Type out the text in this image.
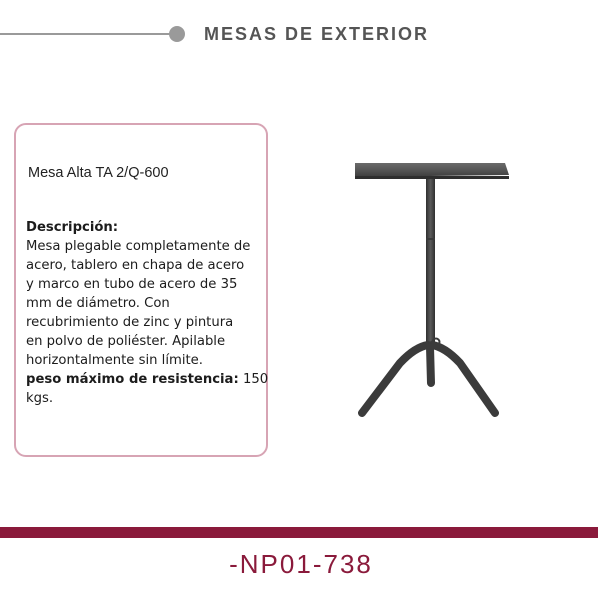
MESAS DE EXTERIOR
Mesa Alta TA 2/Q-600
Descripción:
Mesa plegable completamente de
acero, tablero en chapa de acero
y marco en tubo de acero de 35
mm de diámetro. Con
recubrimiento de zinc y pintura
en polvo de poliéster. Apilable
horizontalmente sin límite.
peso máximo de resistencia: 150
kgs.
-NP01-738
